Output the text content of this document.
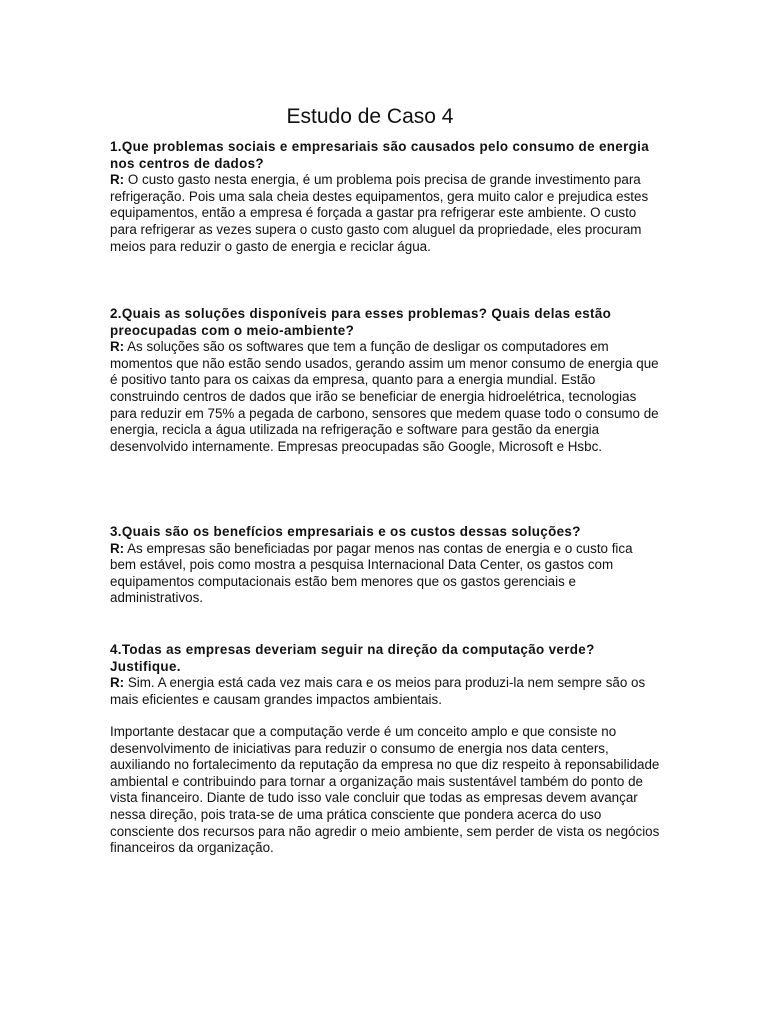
Estudo de Caso 4
1.Que problemas sociais e empresariais são causados pelo consumo de energia nos centros de dados?
R: O custo gasto nesta energia, é um problema pois precisa de grande investimento para refrigeração. Pois uma sala cheia destes equipamentos, gera muito calor e prejudica estes equipamentos, então a empresa é forçada a gastar pra refrigerar este ambiente. O custo para refrigerar as vezes supera o custo gasto com aluguel da propriedade, eles procuram meios para reduzir o gasto de energia e reciclar água.
2.Quais as soluções disponíveis para esses problemas? Quais delas estão preocupadas com o meio-ambiente?
R: As soluções são os softwares que tem a função de desligar os computadores em momentos que não estão sendo usados, gerando assim um menor consumo de energia que é positivo tanto para os caixas da empresa, quanto para a energia mundial. Estão construindo centros de dados que irão se beneficiar de energia hidroelétrica, tecnologias para reduzir em 75% a pegada de carbono, sensores que medem quase todo o consumo de energia, recicla a água utilizada na refrigeração e software para gestão da energia desenvolvido internamente. Empresas preocupadas são Google, Microsoft e Hsbc.
3.Quais são os benefícios empresariais e os custos dessas soluções?
R: As empresas são beneficiadas por pagar menos nas contas de energia e o custo fica bem estável, pois como mostra a pesquisa Internacional Data Center, os gastos com equipamentos computacionais estão bem menores que os gastos gerenciais e administrativos.
4.Todas as empresas deveriam seguir na direção da computação verde? Justifique.
R: Sim. A energia está cada vez mais cara e os meios para produzi-la nem sempre são os mais eficientes e causam grandes impactos ambientais.

Importante destacar que a computação verde é um conceito amplo e que consiste no desenvolvimento de iniciativas para reduzir o consumo de energia nos data centers, auxiliando no fortalecimento da reputação da empresa no que diz respeito à reponsabilidade ambiental e contribuindo para tornar a organização mais sustentável também do ponto de vista financeiro. Diante de tudo isso vale concluir que todas as empresas devem avançar nessa direção, pois trata-se de uma prática consciente que pondera acerca do uso consciente dos recursos para não agredir o meio ambiente, sem perder de vista os negócios financeiros da organização.
